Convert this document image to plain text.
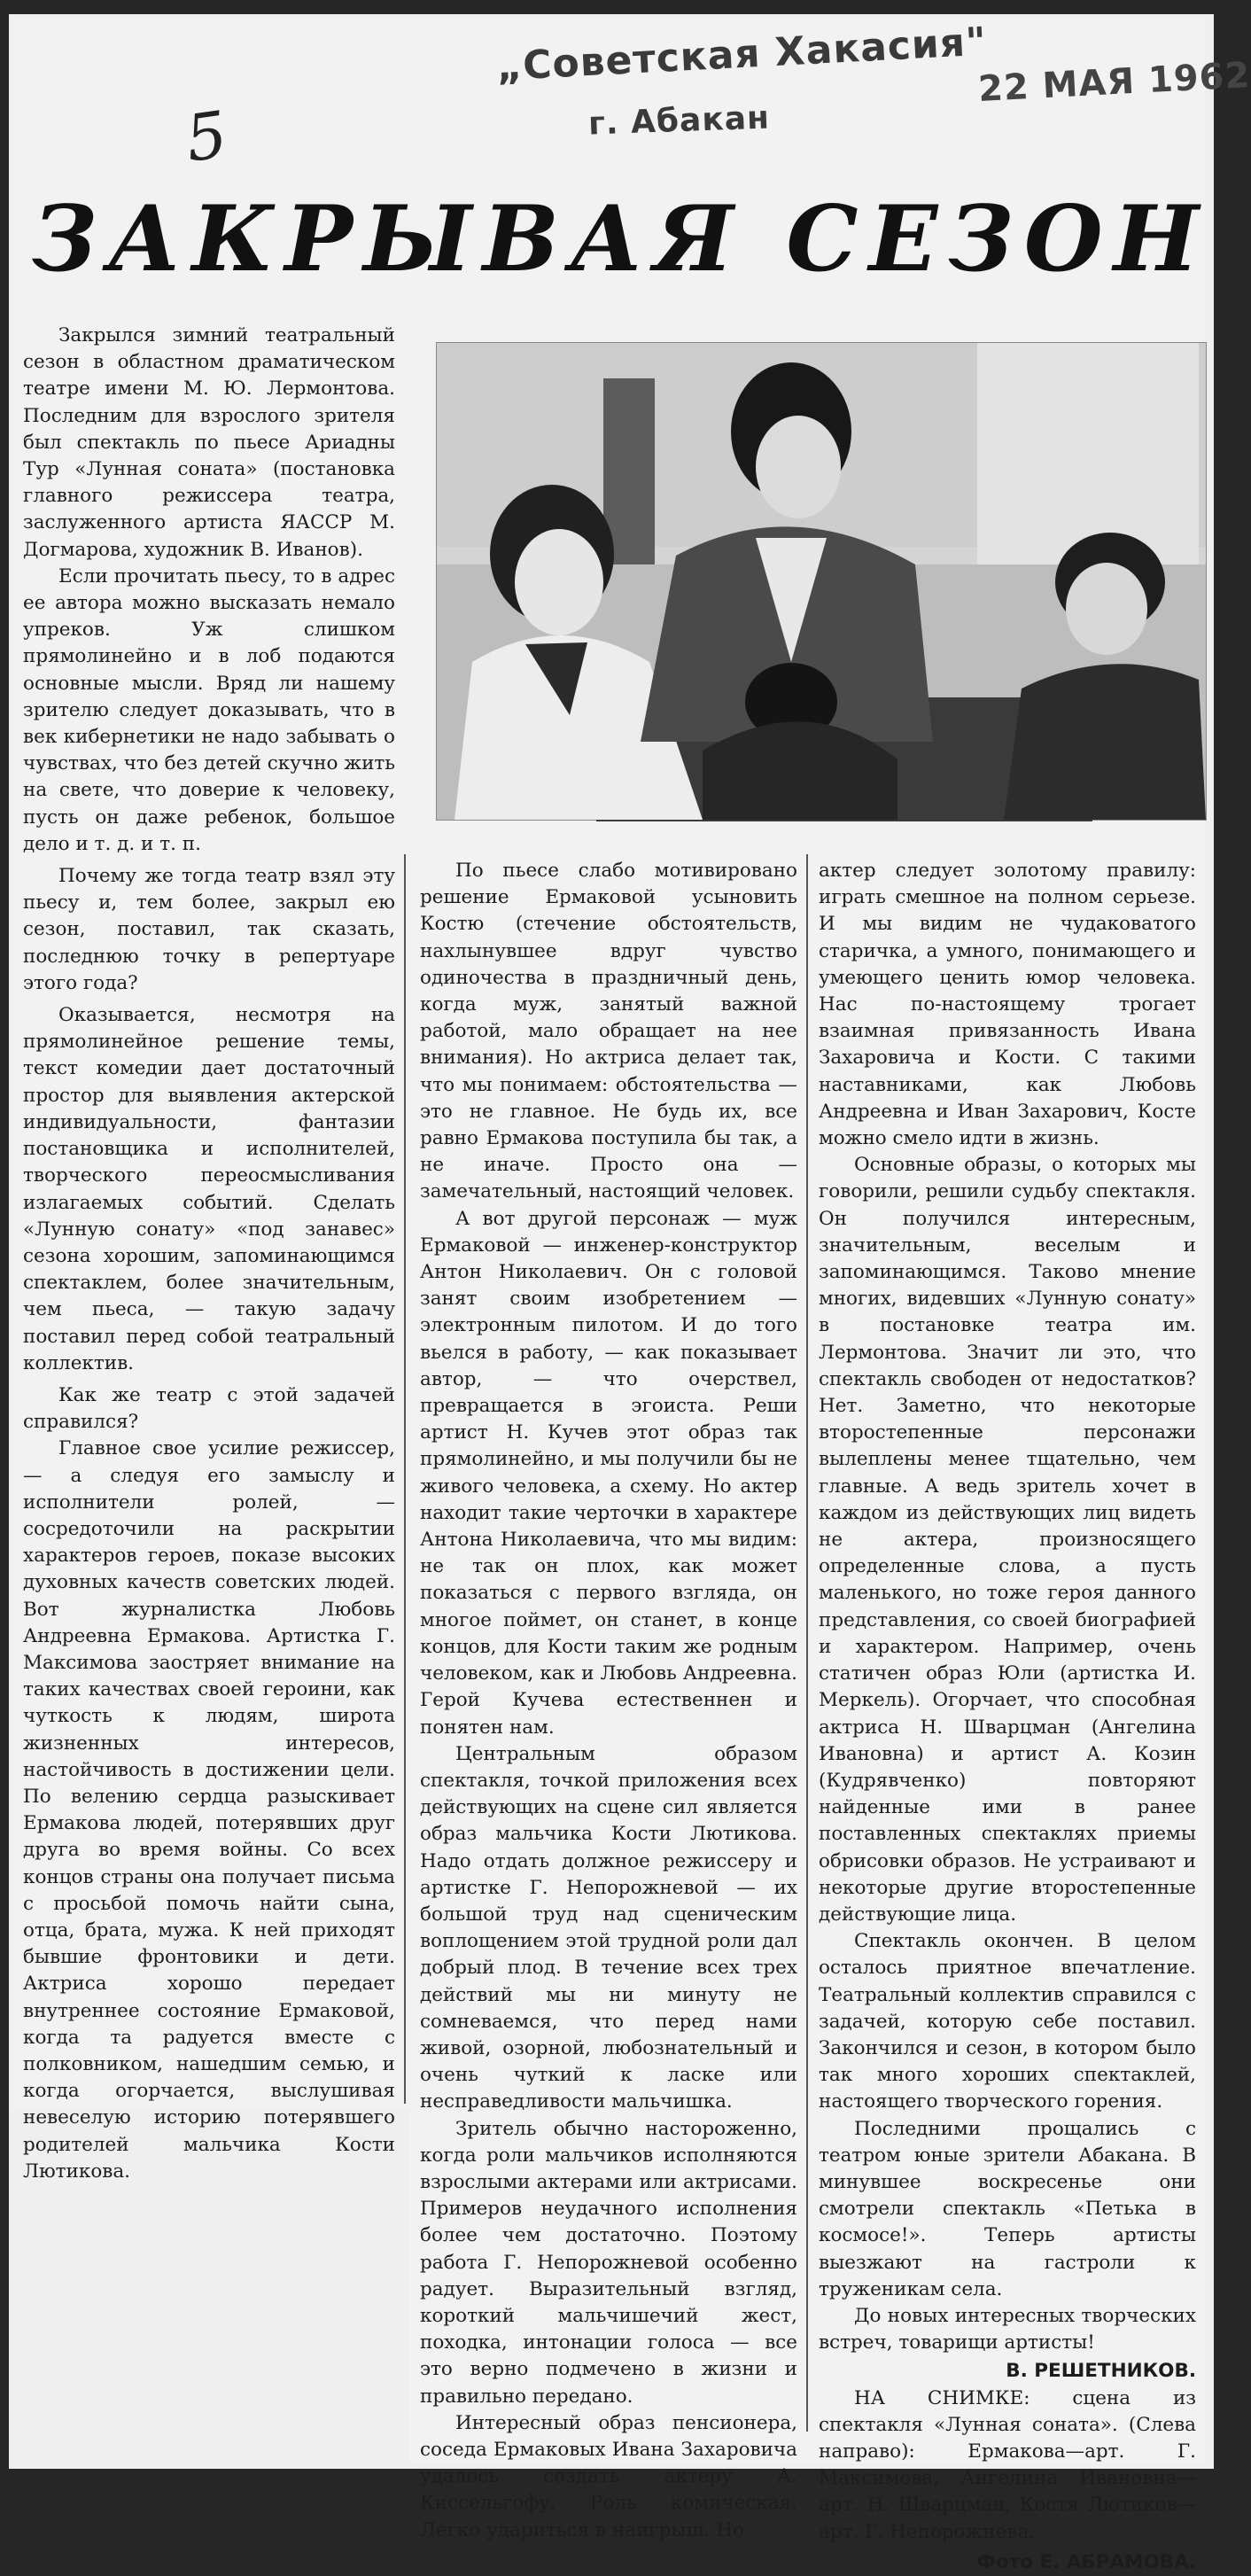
„Советская Хакасия"
22 МАЯ 1962
г. Абакан
5
ЗАКРЫВАЯ СЕЗОН

Закрылся зимний театральный сезон в областном драматическом театре имени М. Ю. Лермонтова. Последним для взрослого зрителя был спектакль по пьесе Ариадны Тур «Лунная соната» (постановка главного режиссера театра, заслуженного артиста ЯАССР М. Догмарова, художник В. Иванов).

Если прочитать пьесу, то в адрес ее автора можно высказать немало упреков. Уж слишком прямолинейно и в лоб подаются основные мысли. Вряд ли нашему зрителю следует доказывать, что в век кибернетики не надо забывать о чувствах, что без детей скучно жить на свете, что доверие к человеку, пусть он даже ребенок, большое дело и т. д. и т. п.

Почему же тогда театр взял эту пьесу и, тем более, закрыл ею сезон, поставил, так сказать, последнюю точку в репертуаре этого года?

Оказывается, несмотря на прямолинейное решение темы, текст комедии дает достаточный простор для выявления актерской индивидуальности, фантазии постановщика и исполнителей, творческого переосмысливания излагаемых событий. Сделать «Лунную сонату» «под занавес» сезона хорошим, запоминающимся спектаклем, более значительным, чем пьеса, — такую задачу поставил перед собой театральный коллектив.

Как же театр с этой задачей справился?

Главное свое усилие режиссер, — а следуя его замыслу и исполнители ролей, — сосредоточили на раскрытии характеров героев, показе высоких духовных качеств советских людей. Вот журналистка Любовь Андреевна Ермакова. Артистка Г. Максимова заостряет внимание на таких качествах своей героини, как чуткость к людям, широта жизненных интересов, настойчивость в достижении цели. По велению сердца разыскивает Ермакова людей, потерявших друг друга во время войны. Со всех концов страны она получает письма с просьбой помочь найти сына, отца, брата, мужа. К ней приходят бывшие фронтовики и дети. Актриса хорошо передает внутреннее состояние Ермаковой, когда та радуется вместе с полковником, нашедшим семью, и когда огорчается, выслушивая невеселую историю потерявшего родителей мальчика Кости Лютикова.

По пьесе слабо мотивировано решение Ермаковой усыновить Костю (стечение обстоятельств, нахлынувшее вдруг чувство одиночества в праздничный день, когда муж, занятый важной работой, мало обращает на нее внимания). Но актриса делает так, что мы понимаем: обстоятельства — это не главное. Не будь их, все равно Ермакова поступила бы так, а не иначе. Просто она — замечательный, настоящий человек.

А вот другой персонаж — муж Ермаковой — инженер-конструктор Антон Николаевич. Он с головой занят своим изобретением — электронным пилотом. И до того вьелся в работу, — как показывает автор, — что очерствел, превращается в эгоиста. Реши артист Н. Кучев этот образ так прямолинейно, и мы получили бы не живого человека, а схему. Но актер находит такие черточки в характере Антона Николаевича, что мы видим: не так он плох, как может показаться с первого взгляда, он многое поймет, он станет, в конце концов, для Кости таким же родным человеком, как и Любовь Андреевна. Герой Кучева естественнен и понятен нам.

Центральным образом спектакля, точкой приложения всех действующих на сцене сил является образ мальчика Кости Лютикова. Надо отдать должное режиссеру и артистке Г. Непорожневой — их большой труд над сценическим воплощением этой трудной роли дал добрый плод. В течение всех трех действий мы ни минуту не сомневаемся, что перед нами живой, озорной, любознательный и очень чуткий к ласке или несправедливости мальчишка.

Зритель обычно настороженно, когда роли мальчиков исполняются взрослыми актерами или актрисами. Примеров неудачного исполнения более чем достаточно. Поэтому работа Г. Непорожневой особенно радует. Выразительный взгляд, короткий мальчишечий жест, походка, интонации голоса — все это верно подмечено в жизни и правильно передано.

Интересный образ пенсионера, соседа Ермаковых Ивана Захаровича удалось создать актеру А. Киссельгофу. Роль комическая. Легко удариться в наигрыш. Но

актер следует золотому правилу: играть смешное на полном серьезе. И мы видим не чудаковатого старичка, а умного, понимающего и умеющего ценить юмор человека. Нас по-настоящему трогает взаимная привязанность Ивана Захаровича и Кости. С такими наставниками, как Любовь Андреевна и Иван Захарович, Косте можно смело идти в жизнь.

Основные образы, о которых мы говорили, решили судьбу спектакля. Он получился интересным, значительным, веселым и запоминающимся. Таково мнение многих, видевших «Лунную сонату» в постановке театра им. Лермонтова. Значит ли это, что спектакль свободен от недостатков? Нет. Заметно, что некоторые второстепенные персонажи вылеплены менее тщательно, чем главные. А ведь зритель хочет в каждом из действующих лиц видеть не актера, произносящего определенные слова, а пусть маленького, но тоже героя данного представления, со своей биографией и характером. Например, очень статичен образ Юли (артистка И. Меркель). Огорчает, что способная актриса Н. Шварцман (Ангелина Ивановна) и артист А. Козин (Кудрявченко) повторяют найденные ими в ранее поставленных спектаклях приемы обрисовки образов. Не устраивают и некоторые другие второстепенные действующие лица.

Спектакль окончен. В целом осталось приятное впечатление. Театральный коллектив справился с задачей, которую себе поставил. Закончился и сезон, в котором было так много хороших спектаклей, настоящего творческого горения.

Последними прощались с театром юные зрители Абакана. В минувшее воскресенье они смотрели спектакль «Петька в космосе!». Теперь артисты выезжают на гастроли к труженикам села.

До новых интересных творческих встреч, товарищи артисты!

В. РЕШЕТНИКОВ.

НА СНИМКЕ: сцена из спектакля «Лунная соната». (Слева направо): Ермакова—арт. Г. Максимова, Ангелина Ивановна—арт. Н. Шварцман, Костя Лютиков—арт. Г. Непорожнева.

Фото Е. АБРАМОВА.
